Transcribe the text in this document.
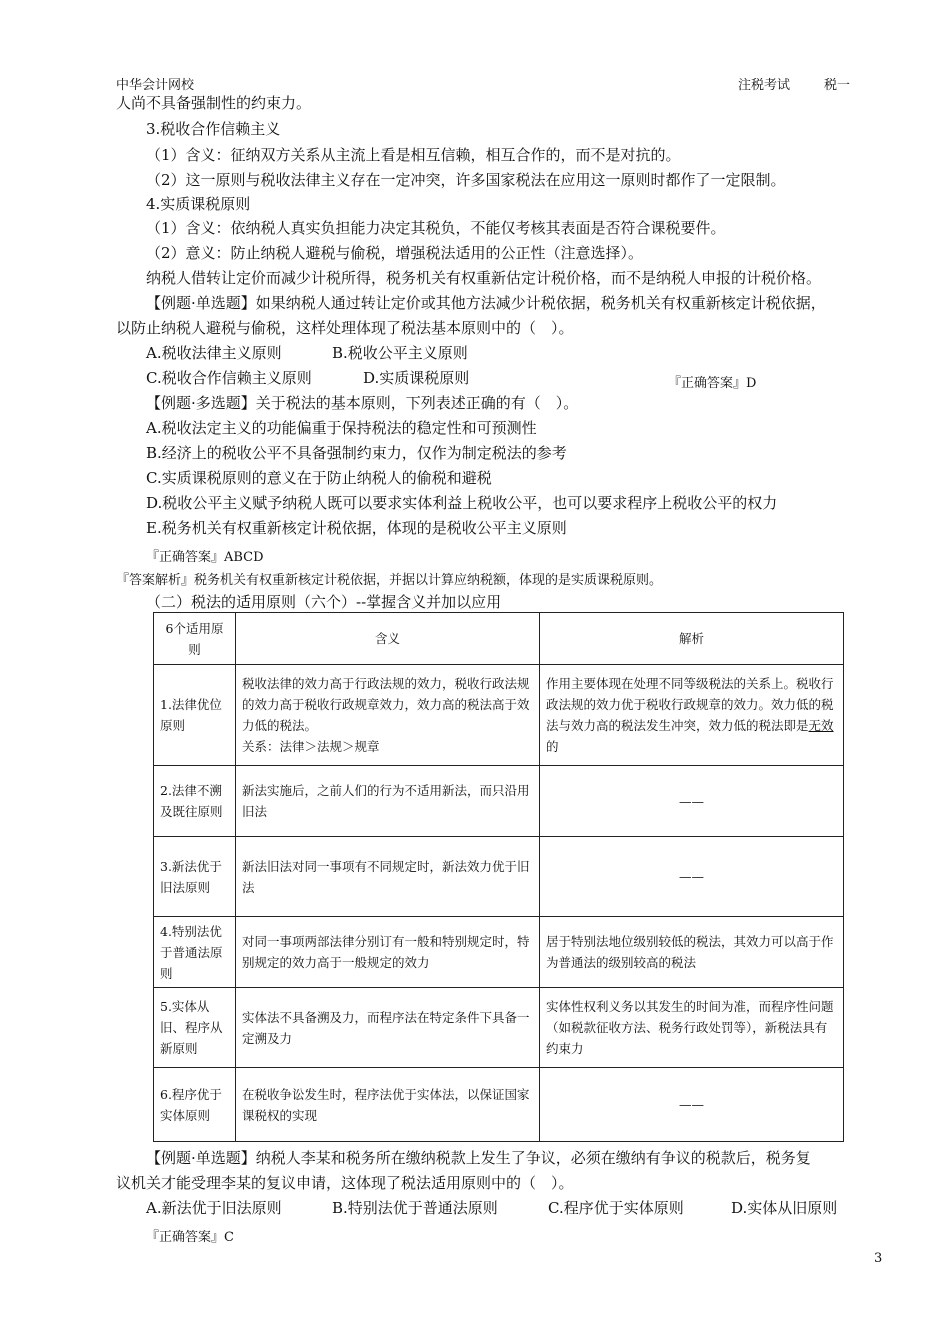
中华会计网校	注税考试	税一
人尚不具备强制性的约束力。
3.税收合作信赖主义
（1）含义：征纳双方关系从主流上看是相互信赖，相互合作的，而不是对抗的。
（2）这一原则与税收法律主义存在一定冲突，许多国家税法在应用这一原则时都作了一定限制。
4.实质课税原则
（1）含义：依纳税人真实负担能力决定其税负，不能仅考核其表面是否符合课税要件。
（2）意义：防止纳税人避税与偷税，增强税法适用的公正性（注意选择）。
纳税人借转让定价而减少计税所得，税务机关有权重新估定计税价格，而不是纳税人申报的计税价格。
【例题·单选题】如果纳税人通过转让定价或其他方法减少计税依据，税务机关有权重新核定计税依据，
以防止纳税人避税与偷税，这样处理体现了税法基本原则中的（　）。
A.税收法律主义原则	B.税收公平主义原则
C.税收合作信赖主义原则	D.实质课税原则	『正确答案』D
【例题·多选题】关于税法的基本原则，下列表述正确的有（　）。
A.税收法定主义的功能偏重于保持税法的稳定性和可预测性
B.经济上的税收公平不具备强制约束力，仅作为制定税法的参考
C.实质课税原则的意义在于防止纳税人的偷税和避税
D.税收公平主义赋予纳税人既可以要求实体利益上税收公平，也可以要求程序上税收公平的权力
E.税务机关有权重新核定计税依据，体现的是税收公平主义原则
『正确答案』ABCD
『答案解析』税务机关有权重新核定计税依据，并据以计算应纳税额，体现的是实质课税原则。
（二）税法的适用原则（六个）--掌握含义并加以应用
6个适用原则	含义	解析
1.法律优位原则	税收法律的效力高于行政法规的效力，税收行政法规的效力高于税收行政规章效力，效力高的税法高于效力低的税法。
关系：法律＞法规＞规章	作用主要体现在处理不同等级税法的关系上。税收行政法规的效力优于税收行政规章的效力。效力低的税法与效力高的税法发生冲突，效力低的税法即是无效的
2.法律不溯及既往原则	新法实施后，之前人们的行为不适用新法，而只沿用旧法	——
3.新法优于旧法原则	新法旧法对同一事项有不同规定时，新法效力优于旧法	——
4.特别法优于普通法原则	对同一事项两部法律分别订有一般和特别规定时，特别规定的效力高于一般规定的效力	居于特别法地位级别较低的税法，其效力可以高于作为普通法的级别较高的税法
5.实体从旧、程序从新原则	实体法不具备溯及力，而程序法在特定条件下具备一定溯及力	实体性权利义务以其发生的时间为准，而程序性问题（如税款征收方法、税务行政处罚等），新税法具有约束力
6.程序优于实体原则	在税收争讼发生时，程序法优于实体法，以保证国家课税权的实现	——
【例题·单选题】纳税人李某和税务所在缴纳税款上发生了争议，必须在缴纳有争议的税款后，税务复
议机关才能受理李某的复议申请，这体现了税法适用原则中的（　）。
A.新法优于旧法原则	B.特别法优于普通法原则	C.程序优于实体原则	D.实体从旧原则
『正确答案』C
3
